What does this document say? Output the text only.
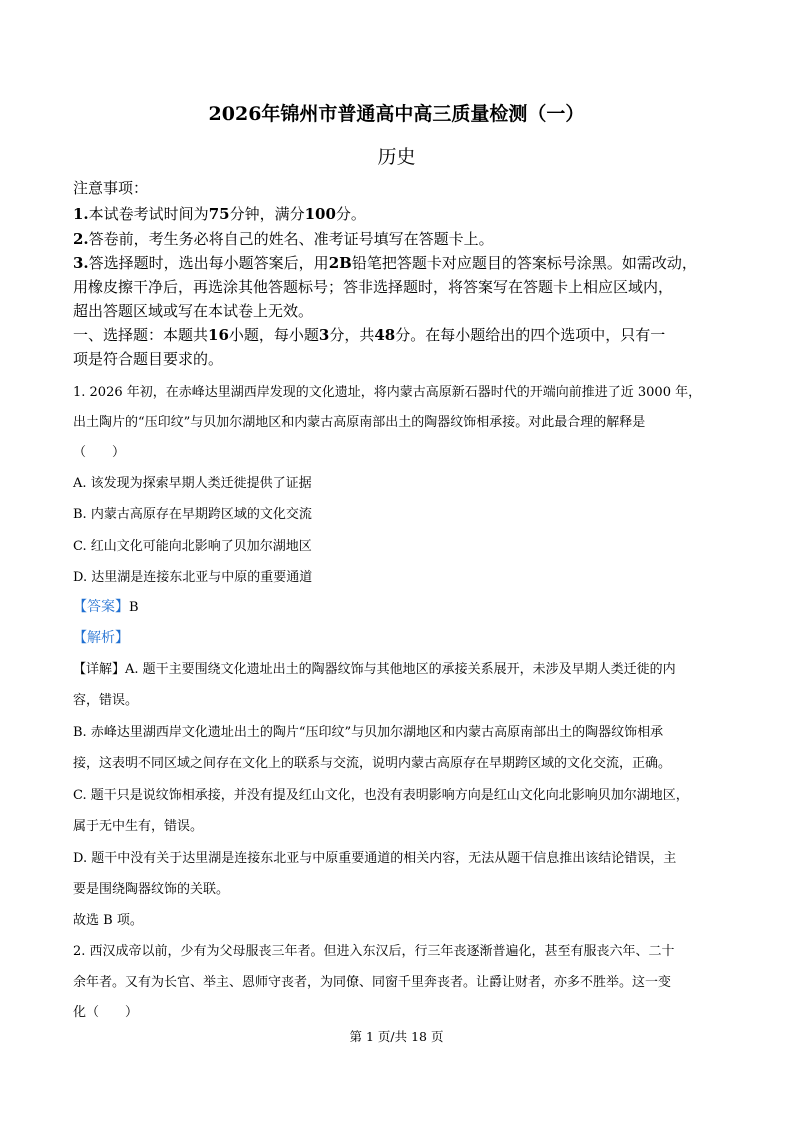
2026年锦州市普通高中高三质量检测（一）
历史
注意事项：
1.本试卷考试时间为75分钟，满分100分。
2.答卷前，考生务必将自己的姓名、准考证号填写在答题卡上。
3.答选择题时，选出每小题答案后，用2B铅笔把答题卡对应题目的答案标号涂黑。如需改动，
用橡皮擦干净后，再选涂其他答题标号；答非选择题时，将答案写在答题卡上相应区域内，
超出答题区域或写在本试卷上无效。
一、选择题：本题共16小题，每小题3分，共48分。在每小题给出的四个选项中，只有一
项是符合题目要求的。
1. 2026 年初，在赤峰达里湖西岸发现的文化遗址，将内蒙古高原新石器时代的开端向前推进了近 3000 年，
出土陶片的“压印纹”与贝加尔湖地区和内蒙古高原南部出土的陶器纹饰相承接。对此最合理的解释是
（　　）
A. 该发现为探索早期人类迁徙提供了证据
B. 内蒙古高原存在早期跨区域的文化交流
C. 红山文化可能向北影响了贝加尔湖地区
D. 达里湖是连接东北亚与中原的重要通道
【答案】B
【解析】
【详解】A. 题干主要围绕文化遗址出土的陶器纹饰与其他地区的承接关系展开，未涉及早期人类迁徙的内
容，错误。
B. 赤峰达里湖西岸文化遗址出土的陶片“压印纹”与贝加尔湖地区和内蒙古高原南部出土的陶器纹饰相承
接，这表明不同区域之间存在文化上的联系与交流，说明内蒙古高原存在早期跨区域的文化交流，正确。
C. 题干只是说纹饰相承接，并没有提及红山文化，也没有表明影响方向是红山文化向北影响贝加尔湖地区，
属于无中生有，错误。
D. 题干中没有关于达里湖是连接东北亚与中原重要通道的相关内容，无法从题干信息推出该结论错误，主
要是围绕陶器纹饰的关联。
故选 B 项。
2. 西汉成帝以前，少有为父母服丧三年者。但进入东汉后，行三年丧逐渐普遍化，甚至有服丧六年、二十
余年者。又有为长官、举主、恩师守丧者，为同僚、同窗千里奔丧者。让爵让财者，亦多不胜举。这一变
化（　　）
第 1 页/共 18 页
